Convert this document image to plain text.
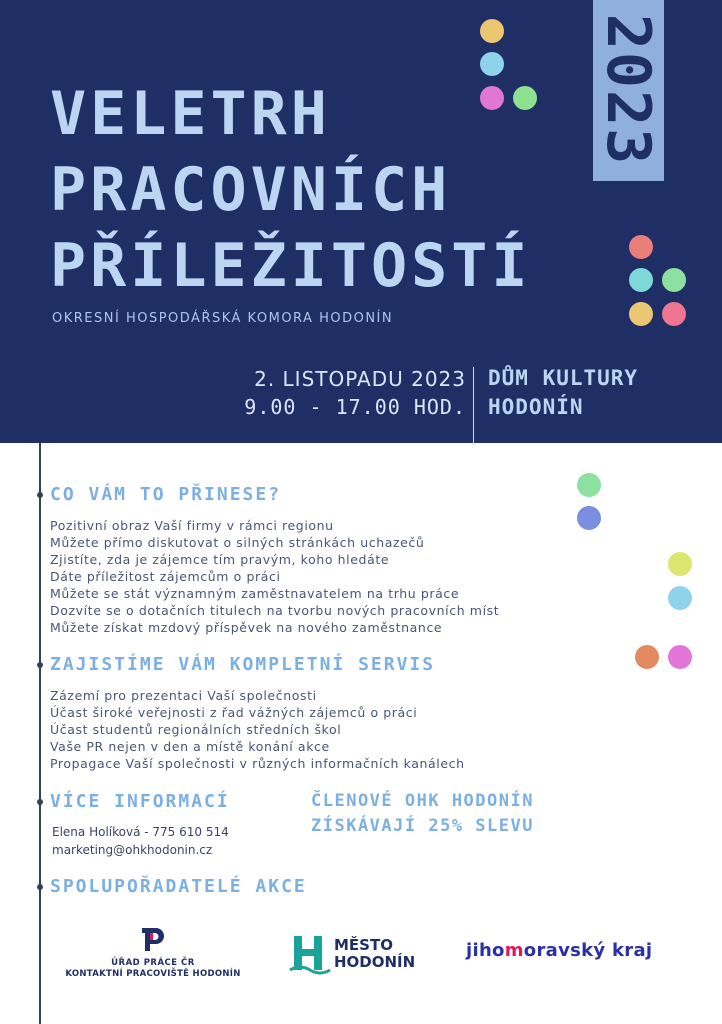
2023
VELETRH
PRACOVNÍCH
PŘÍLEŽITOSTÍ
OKRESNÍ HOSPODÁŘSKÁ KOMORA HODONÍN
2. LISTOPADU 2023
9.00 - 17.00 HOD.
DŮM KULTURY
HODONÍN
CO VÁM TO PŘINESE?
Pozitivní obraz Vaší firmy v rámci regionu
Můžete přímo diskutovat o silných stránkách uchazečů
Zjistíte, zda je zájemce tím pravým, koho hledáte
Dáte příležitost zájemcům o práci
Můžete se stát významným zaměstnavatelem na trhu práce
Dozvíte se o dotačních titulech na tvorbu nových pracovních míst
Můžete získat mzdový příspěvek na nového zaměstnance
ZAJISTÍME VÁM KOMPLETNÍ SERVIS
Zázemí pro prezentaci Vaší společnosti
Účast široké veřejnosti z řad vážných zájemců o práci
Účast studentů regionálních středních škol
Vaše PR nejen v den a místě konání akce
Propagace Vaší společnosti v různých informačních kanálech
VÍCE INFORMACÍ
Elena Holíková - 775 610 514
marketing@ohkhodonin.cz
ČLENOVÉ OHK HODONÍN
ZÍSKÁVAJÍ 25% SLEVU
SPOLUPOŘADATELÉ AKCE
ÚŘAD PRÁCE ČR
KONTAKTNÍ PRACOVIŠTĚ HODONÍN
MĚSTO
HODONÍN
jihomoravský kraj
